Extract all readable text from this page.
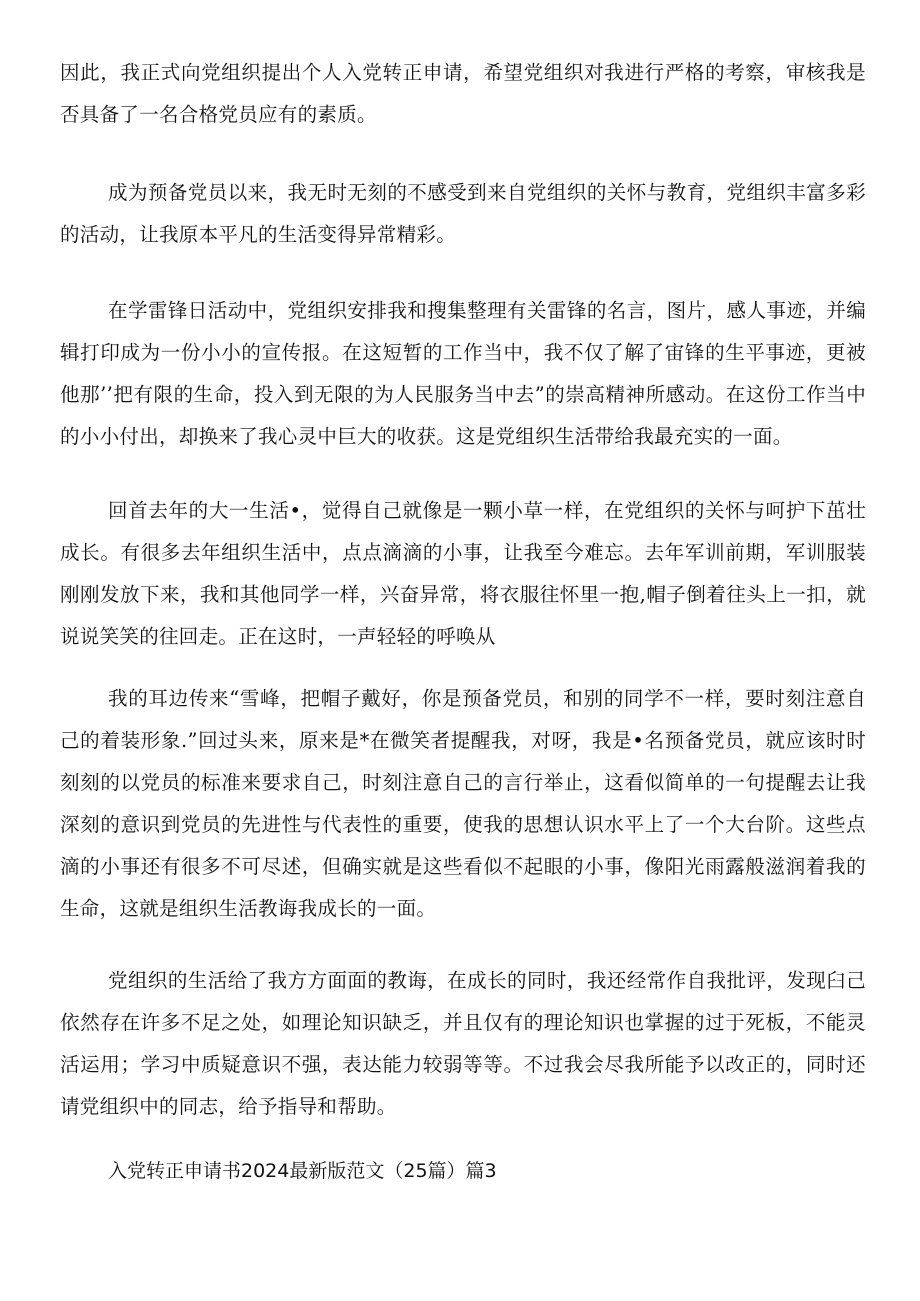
因此，我正式向党组织提出个人入党转正申请，希望党组织对我进行严格的考察，审核我是否具备了一名合格党员应有的素质。

成为预备党员以来，我无时无刻的不感受到来自党组织的关怀与教育，党组织丰富多彩的活动，让我原本平凡的生活变得异常精彩。

在学雷锋日活动中，党组织安排我和搜集整理有关雷锋的名言，图片，感人事迹，并编辑打印成为一份小小的宣传报。在这短暂的工作当中，我不仅了解了宙锋的生平事迹，更被他那’’把有限的生命，投入到无限的为人民服务当中去”的崇高精神所感动。在这份工作当中的小小付出，却换来了我心灵中巨大的收获。这是党组织生活带给我最充实的一面。

回首去年的大一生活•，觉得自己就像是一颗小草一样，在党组织的关怀与呵护下茁壮成长。有很多去年组织生活中，点点滴滴的小事，让我至今难忘。去年军训前期，军训服装刚刚发放下来，我和其他同学一样，兴奋异常，将衣服往怀里一抱,帽子倒着往头上一扣，就说说笑笑的往回走。正在这时，一声轻轻的呼唤从

我的耳边传来“雪峰，把帽子戴好，你是预备党员，和别的同学不一样，要时刻注意自己的着装形象.”回过头来，原来是*在微笑者提醒我，对呀，我是•名预备党员，就应该时时刻刻的以党员的标准来要求自己，时刻注意自己的言行举止，这看似简单的一句提醒去让我深刻的意识到党员的先进性与代表性的重要，使我的思想认识水平上了一个大台阶。这些点滴的小事还有很多不可尽述，但确实就是这些看似不起眼的小事，像阳光雨露般滋润着我的生命，这就是组织生活教诲我成长的一面。

党组织的生活给了我方方面面的教诲，在成长的同时，我还经常作自我批评，发现臼己依然存在许多不足之处，如理论知识缺乏，并且仅有的理论知识也掌握的过于死板，不能灵活运用；学习中质疑意识不强，表达能力较弱等等。不过我会尽我所能予以改正的，同时还请党组织中的同志，给予指导和帮助。

入党转正申请书2024最新版范文（25篇）篇3
